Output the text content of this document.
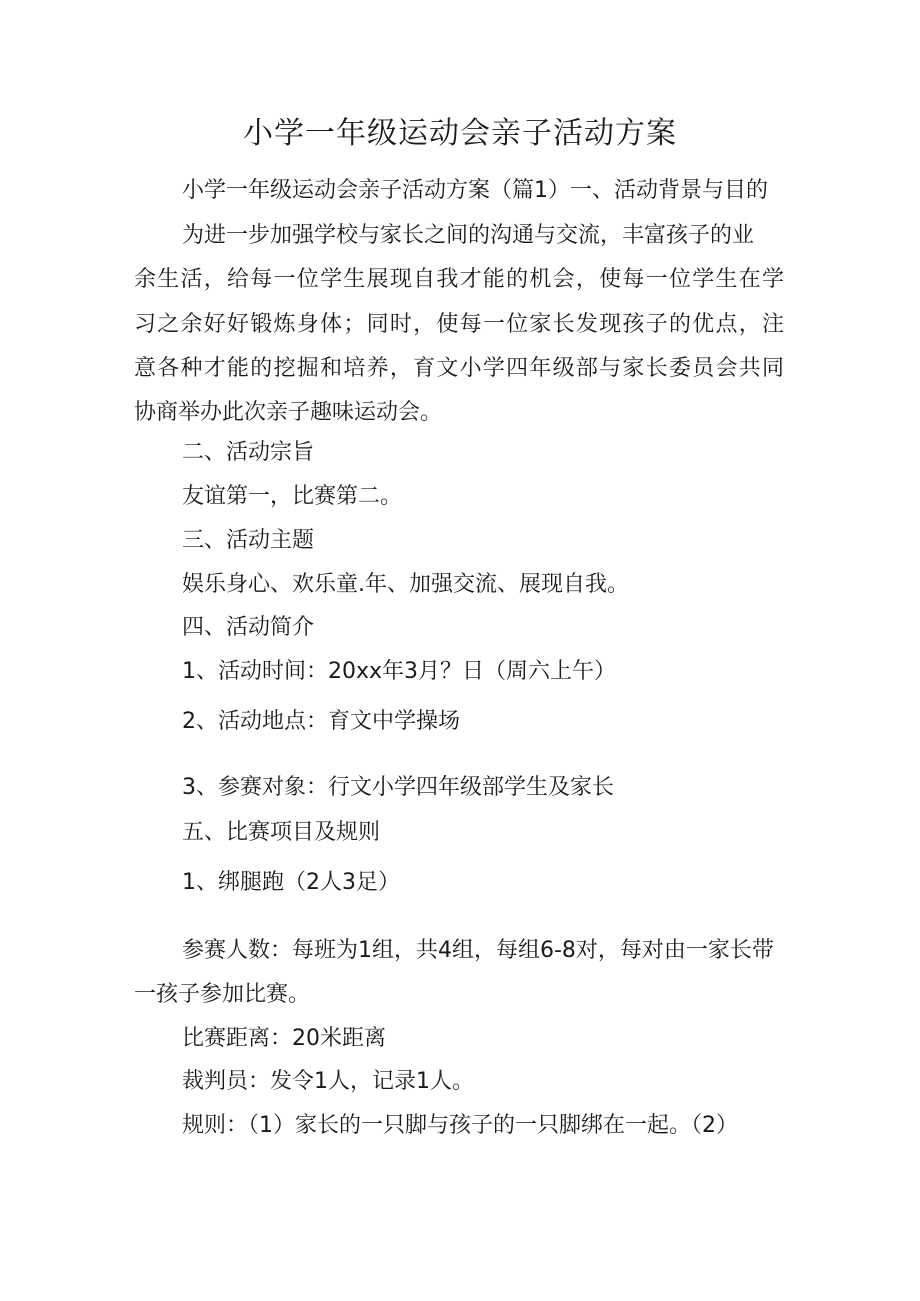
小学一年级运动会亲子活动方案
小学一年级运动会亲子活动方案（篇1）一、活动背景与目的
为进一步加强学校与家长之间的沟通与交流，丰富孩子的业
余生活，给每一位学生展现自我才能的机会，使每一位学生在学
习之余好好锻炼身体；同时，使每一位家长发现孩子的优点，注
意各种才能的挖掘和培养，育文小学四年级部与家长委员会共同
协商举办此次亲子趣味运动会。
二、活动宗旨
友谊第一，比赛第二。
三、活动主题
娱乐身心、欢乐童.年、加强交流、展现自我。
四、活动简介
1、活动时间：20xx年3月？日（周六上午）
2、活动地点：育文中学操场
3、参赛对象：行文小学四年级部学生及家长
五、比赛项目及规则
1、绑腿跑（2人3足）
参赛人数：每班为1组，共4组，每组6-8对，每对由一家长带
一孩子参加比赛。
比赛距离：20米距离
裁判员：发令1人，记录1人。
规则：（1）家长的一只脚与孩子的一只脚绑在一起。（2）
